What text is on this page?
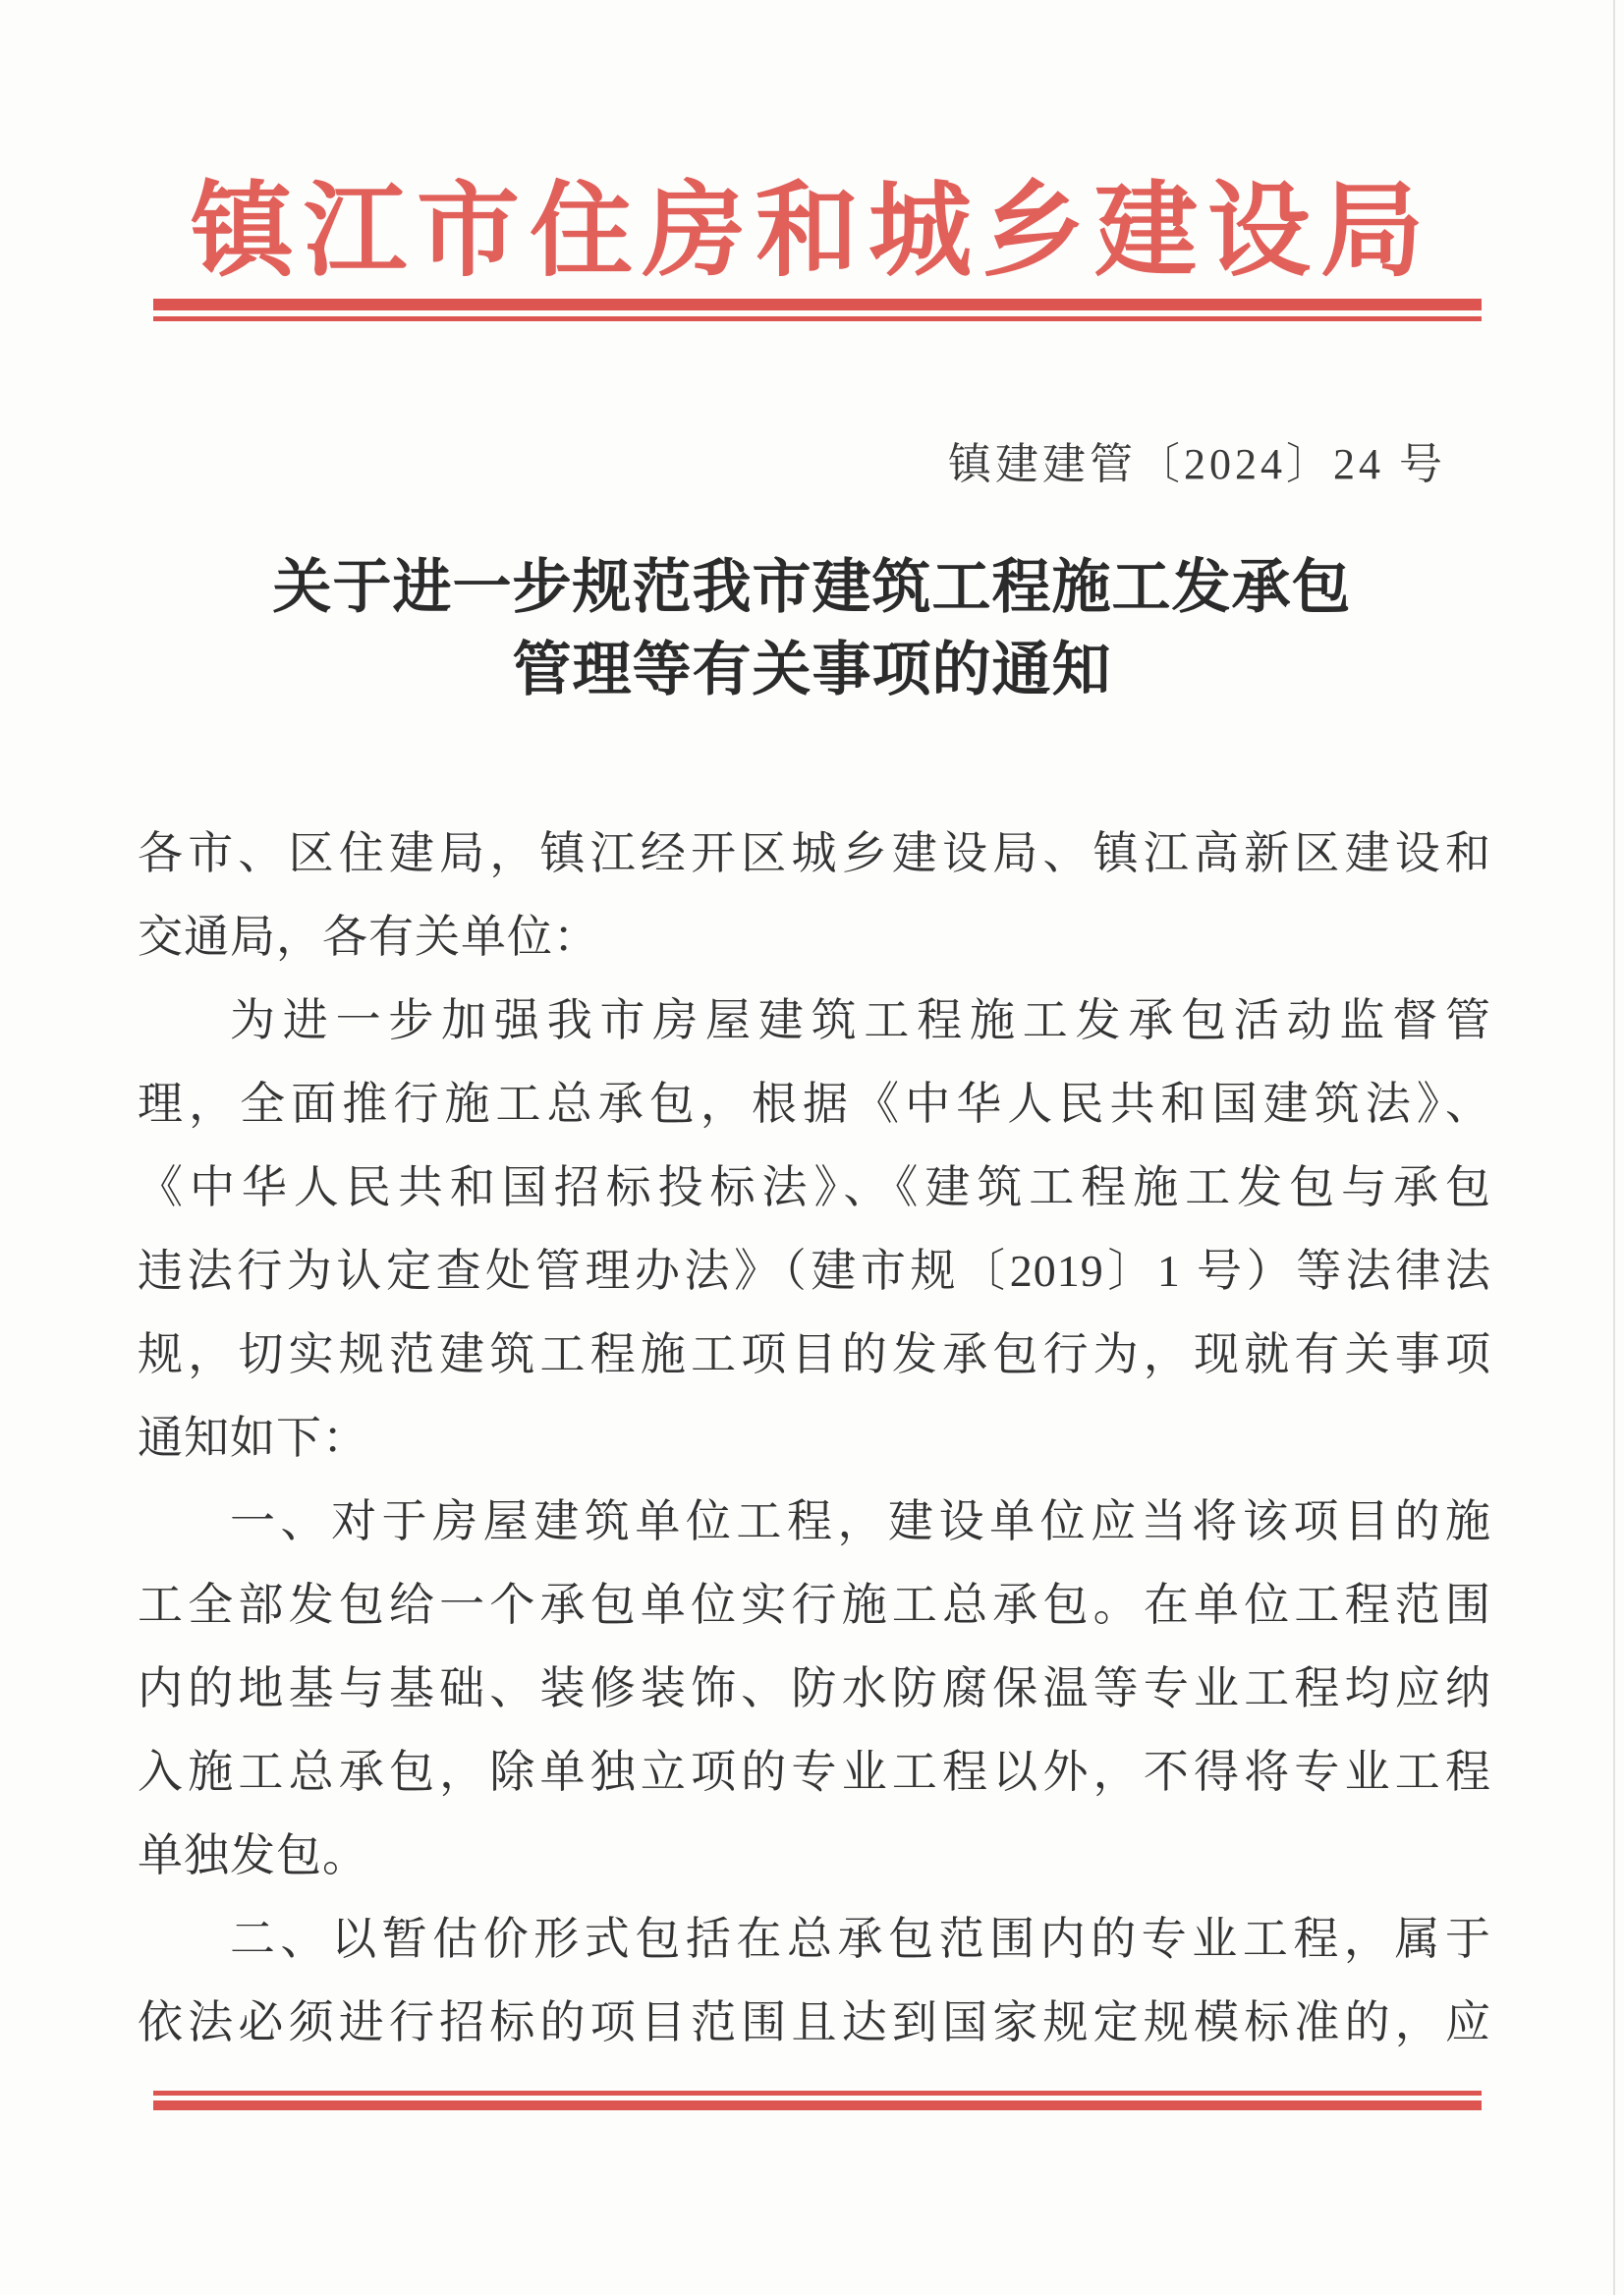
镇江市住房和城乡建设局
镇建建管〔2024〕24 号
关于进一步规范我市建筑工程施工发承包
管理等有关事项的通知
各市、区住建局，镇江经开区城乡建设局、镇江高新区建设和
交通局，各有关单位：
为进一步加强我市房屋建筑工程施工发承包活动监督管
理，全面推行施工总承包，根据《中华人民共和国建筑法》、
《中华人民共和国招标投标法》、《建筑工程施工发包与承包
违法行为认定查处管理办法》（建市规〔2019〕1 号）等法律法
规，切实规范建筑工程施工项目的发承包行为，现就有关事项
通知如下：
一、对于房屋建筑单位工程，建设单位应当将该项目的施
工全部发包给一个承包单位实行施工总承包。在单位工程范围
内的地基与基础、装修装饰、防水防腐保温等专业工程均应纳
入施工总承包，除单独立项的专业工程以外，不得将专业工程
单独发包。
二、以暂估价形式包括在总承包范围内的专业工程，属于
依法必须进行招标的项目范围且达到国家规定规模标准的，应
